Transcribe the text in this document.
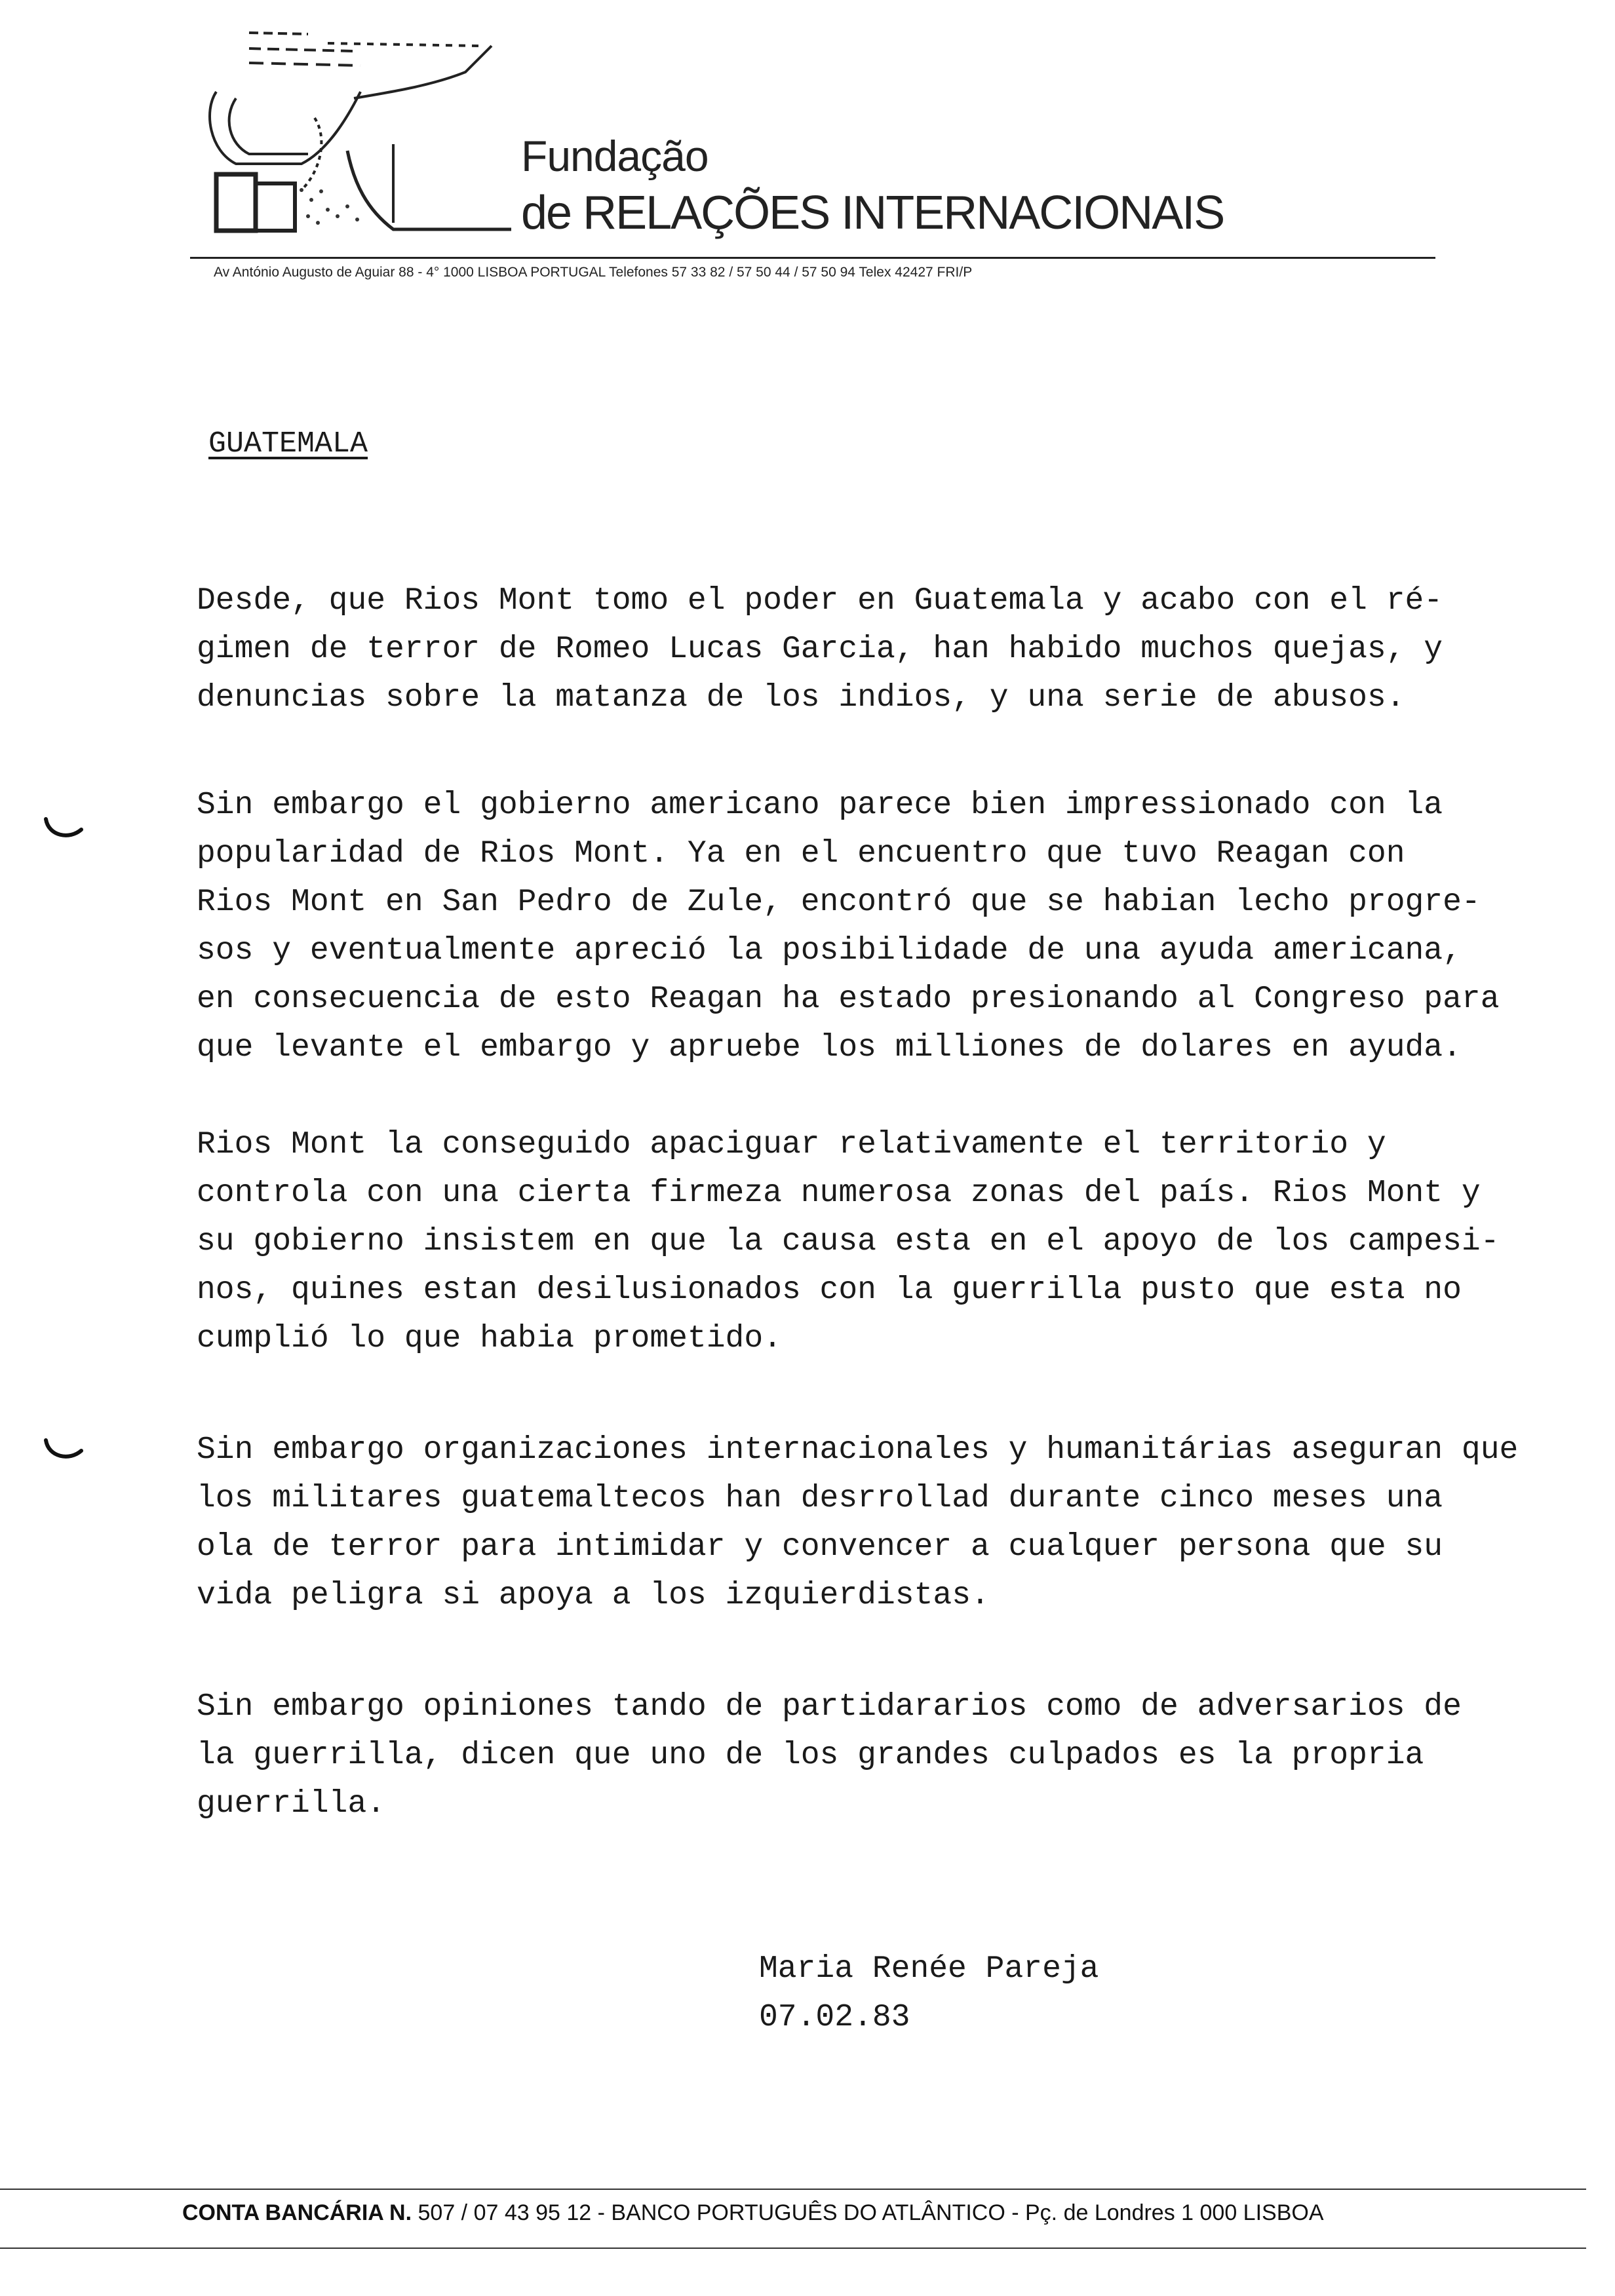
Fundação
de RELAÇÕES INTERNACIONAIS
Av António Augusto de Aguiar 88 - 4° 1000 LISBOA PORTUGAL Telefones 57 33 82 / 57 50 44 / 57 50 94 Telex 42427 FRI/P
GUATEMALA
Desde, que Rios Mont tomo el poder en Guatemala y acabo con el ré-
gimen de terror de Romeo Lucas Garcia, han habido muchos quejas, y
denuncias sobre la matanza de los indios, y una serie de abusos.
Sin embargo el gobierno americano parece bien impressionado con la
popularidad de Rios Mont. Ya en el encuentro que tuvo Reagan con
Rios Mont en San Pedro de Zule, encontró que se habian lecho progre-
sos y eventualmente apreció la posibilidade de una ayuda americana,
en consecuencia de esto Reagan ha estado presionando al Congreso para
que levante el embargo y apruebe los milliones de dolares en ayuda.
Rios Mont la conseguido apaciguar relativamente el territorio y
controla con una cierta firmeza numerosa zonas del país. Rios Mont y
su gobierno insistem en que la causa esta en el apoyo de los campesi-
nos, quines estan desilusionados con la guerrilla pusto que esta no
cumplió lo que habia prometido.
Sin embargo organizaciones internacionales y humanitárias aseguran que
los militares guatemaltecos han desrrollad durante cinco meses una
ola de terror para intimidar y convencer a cualquer persona que su
vida peligra si apoya a los izquierdistas.
Sin embargo opiniones tando de partidararios como de adversarios de
la guerrilla, dicen que uno de los grandes culpados es la propria
guerrilla.
Maria Renée Pareja
07.02.83
CONTA BANCÁRIA N. 507 / 07 43 95 12 - BANCO PORTUGUÊS DO ATLÂNTICO - Pç. de Londres 1 000 LISBOA
